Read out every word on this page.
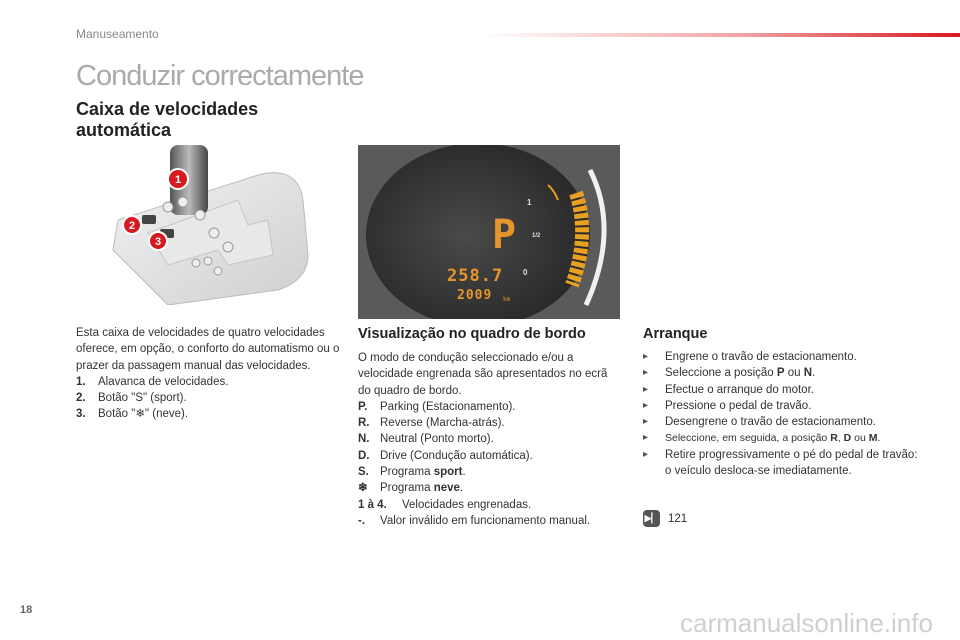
Manuseamento
Conduzir correctamente
Caixa de velocidades automática
1
2
3	P
258.7
2009 km
1
1/2
0
Esta caixa de velocidades de quatro velocidades oferece, em opção, o conforto do automatismo ou o prazer da passagem manual das velocidades.
1.	Alavanca de velocidades.
2.	Botão "S" (sport).
3.	Botão "❄" (neve).
Visualização no quadro de bordo
O modo de condução seleccionado e/ou a velocidade engrenada são apresentados no ecrã do quadro de bordo.
P.	Parking (Estacionamento).
R. Reverse (Marcha-atrás).
N. Neutral (Ponto morto).
D. Drive (Condução automática).
S. Programa sport.
❄	Programa neve.
1 à 4.	Velocidades engrenadas.
-.	Valor inválido em funcionamento manual.
Arranque
▸	Engrene o travão de estacionamento.
▸	Seleccione a posição P ou N.
▸	Efectue o arranque do motor.
▸	Pressione o pedal de travão.
▸	Desengrene o travão de estacionamento.
▸	Seleccione, em seguida, a posição R, D ou M.
▸	Retire progressivamente o pé do pedal de travão: o veículo desloca-se imediatamente.
▶▏ 121
18	carmanualsonline.info
